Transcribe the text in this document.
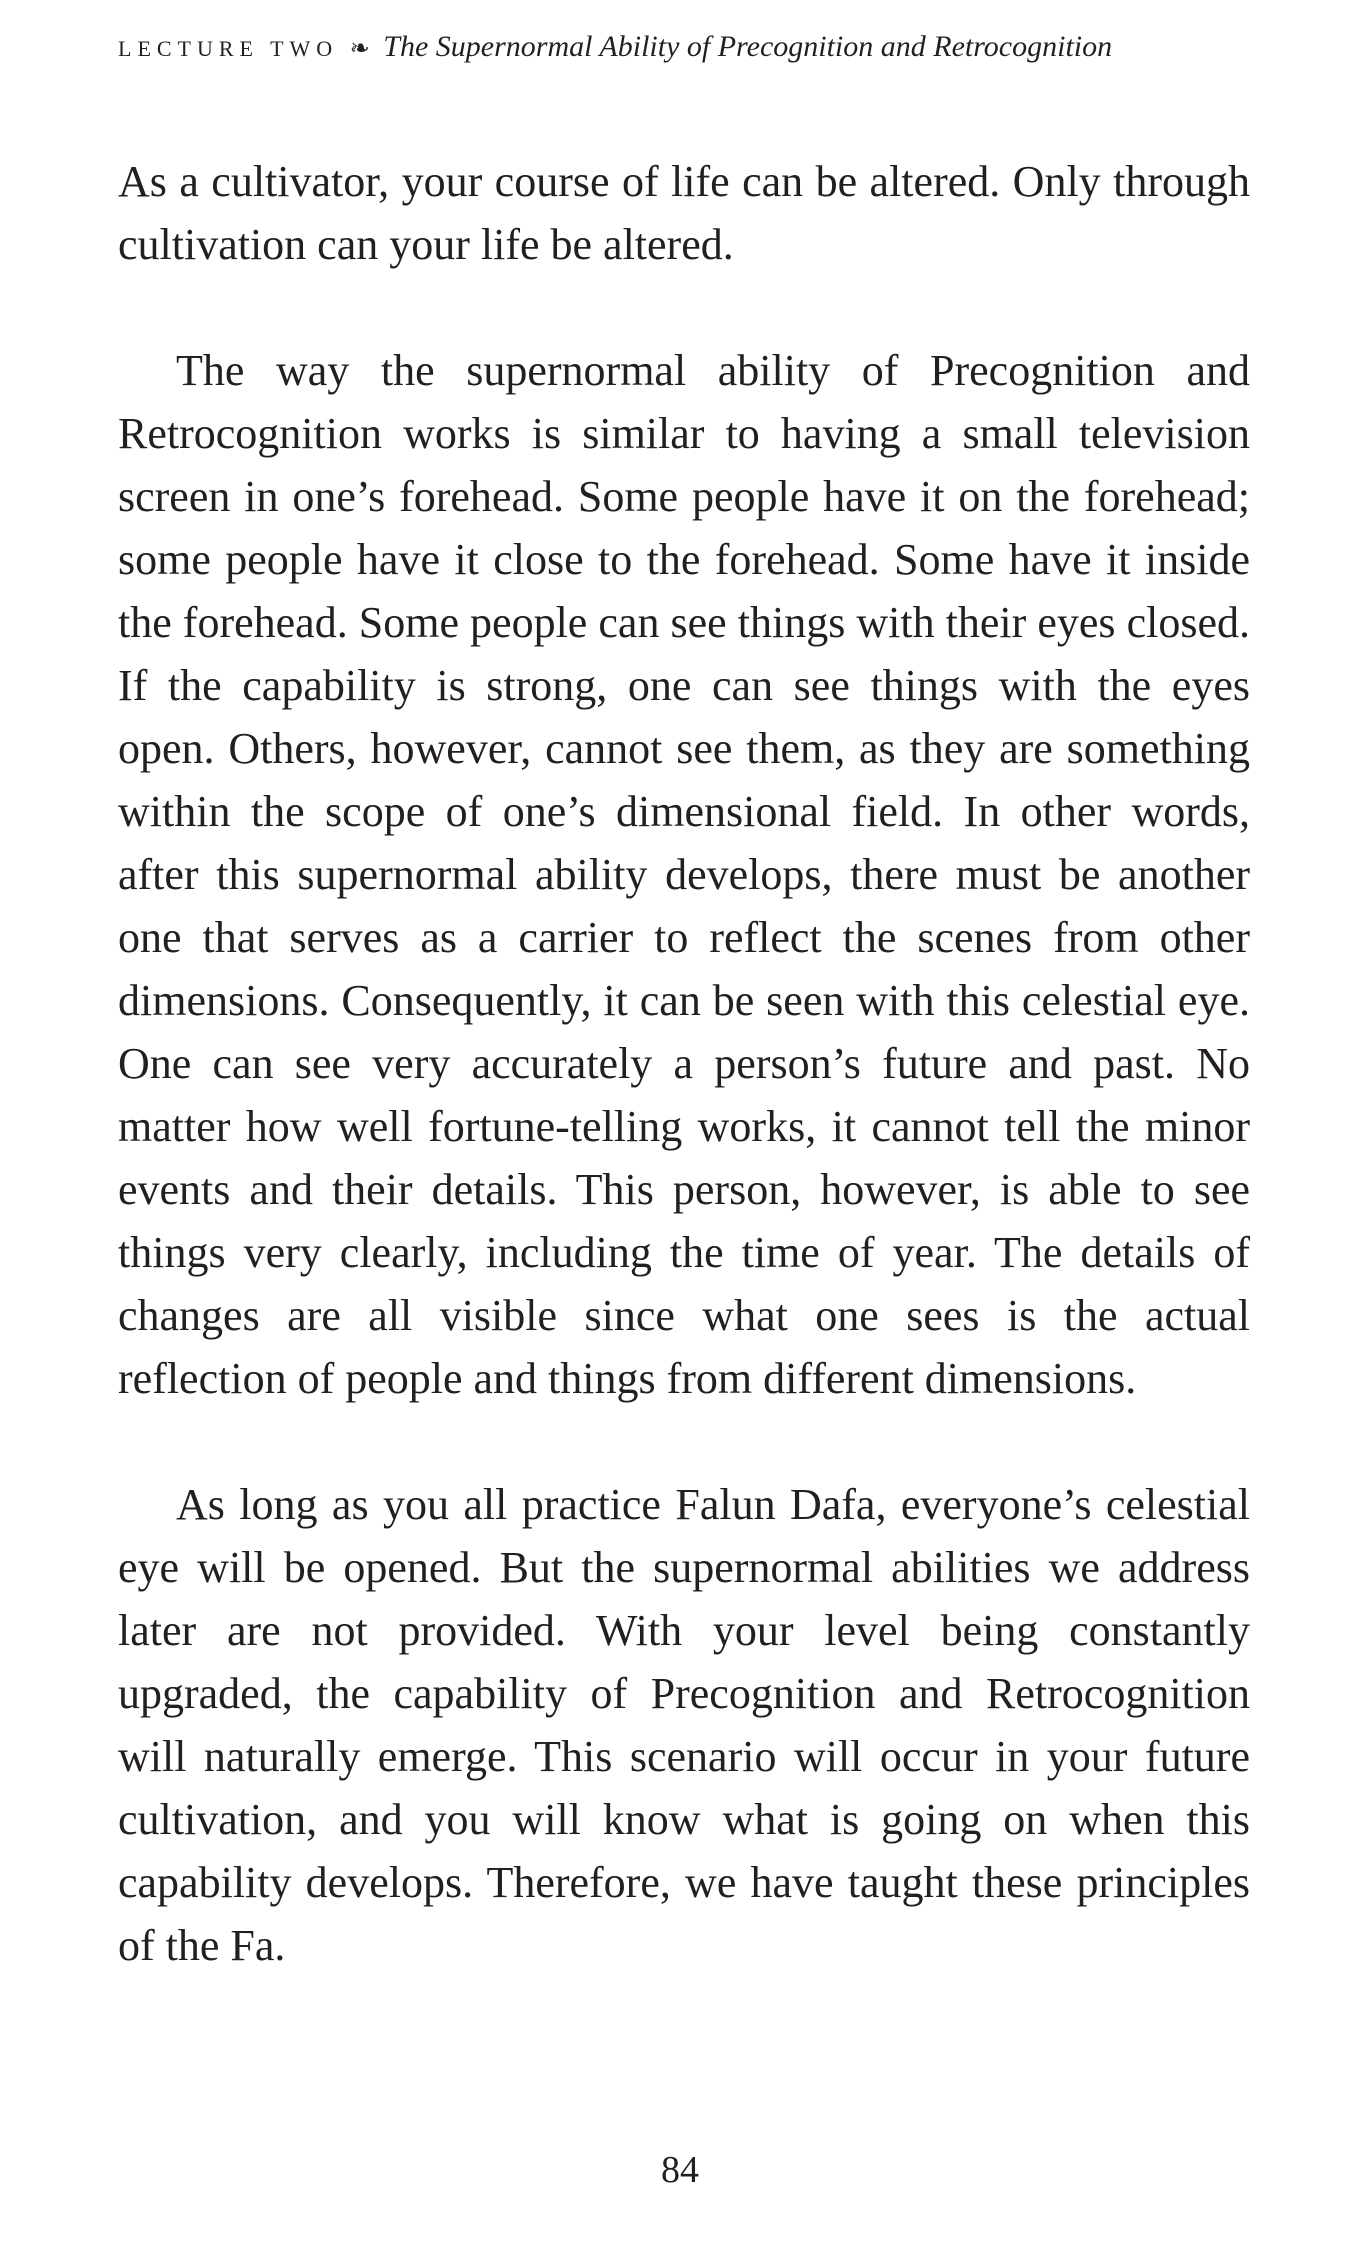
LECTURE TWO ❧ The Supernormal Ability of Precognition and Retrocognition

As a cultivator, your course of life can be altered. Only through cultivation can your life be altered.

The way the supernormal ability of Precognition and Retrocognition works is similar to having a small television screen in one’s forehead. Some people have it on the forehead; some people have it close to the forehead. Some have it inside the forehead. Some people can see things with their eyes closed. If the capability is strong, one can see things with the eyes open. Others, however, cannot see them, as they are something within the scope of one’s dimensional field. In other words, after this supernormal ability develops, there must be another one that serves as a carrier to reflect the scenes from other dimensions. Consequently, it can be seen with this celestial eye. One can see very accurately a person’s future and past. No matter how well fortune-telling works, it cannot tell the minor events and their details. This person, however, is able to see things very clearly, including the time of year. The details of changes are all visible since what one sees is the actual reflection of people and things from different dimensions.

As long as you all practice Falun Dafa, everyone’s celestial eye will be opened. But the supernormal abilities we address later are not provided. With your level being constantly upgraded, the capability of Precognition and Retrocognition will naturally emerge. This scenario will occur in your future cultivation, and you will know what is going on when this capability develops. Therefore, we have taught these principles of the Fa.

84
